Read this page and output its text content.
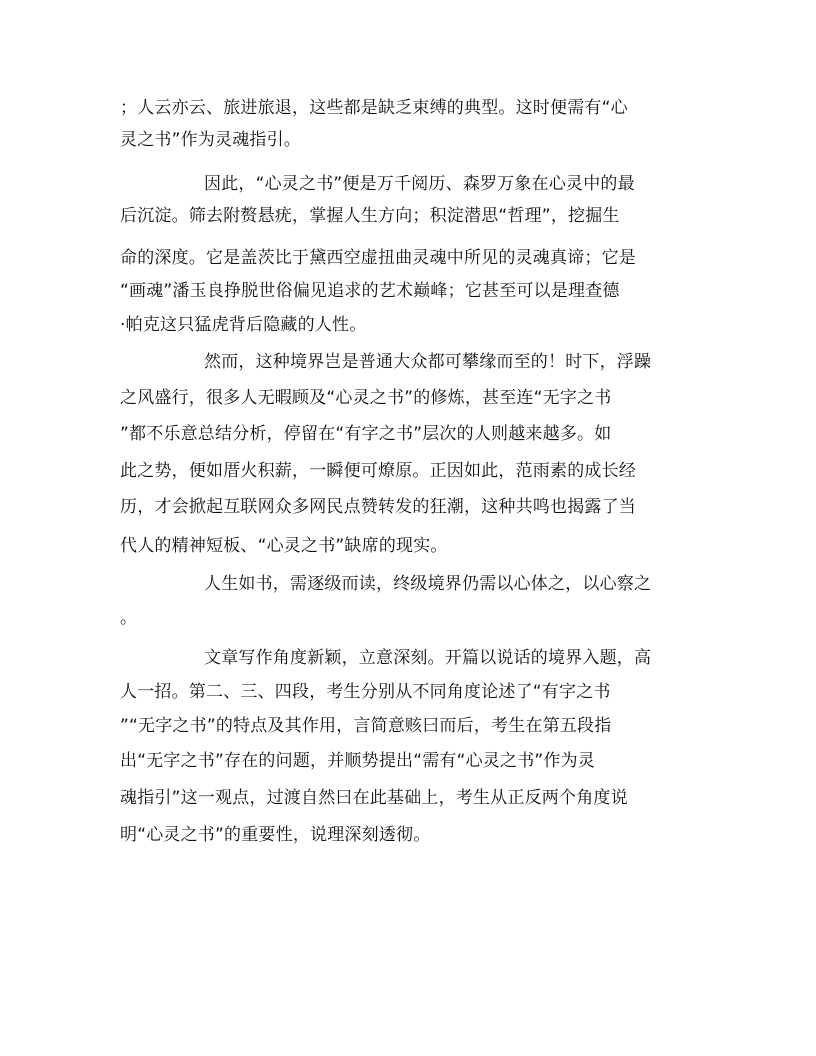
；人云亦云、旅进旅退，这些都是缺乏束缚的典型。这时便需有“心
灵之书”作为灵魂指引。
因此，“心灵之书”便是万千阅历、森罗万象在心灵中的最
后沉淀。筛去附赘悬疣，掌握人生方向；积淀潜思“哲理”，挖掘生
命的深度。它是盖茨比于黛西空虚扭曲灵魂中所见的灵魂真谛；它是
“画魂”潘玉良挣脱世俗偏见追求的艺术巅峰；它甚至可以是理查德
·帕克这只猛虎背后隐藏的人性。
然而，这种境界岂是普通大众都可攀缘而至的！时下，浮躁
之风盛行，很多人无暇顾及“心灵之书”的修炼，甚至连“无字之书
”都不乐意总结分析，停留在“有字之书”层次的人则越来越多。如
此之势，便如厝火积薪，一瞬便可燎原。正因如此，范雨素的成长经
历，才会掀起互联网众多网民点赞转发的狂潮，这种共鸣也揭露了当
代人的精神短板、“心灵之书”缺席的现实。
人生如书，需逐级而读，终级境界仍需以心体之，以心察之
。
文章写作角度新颖，立意深刻。开篇以说话的境界入题，高
人一招。第二、三、四段，考生分别从不同角度论述了“有字之书
”“无字之书”的特点及其作用，言简意赅曰而后，考生在第五段指
出“无字之书”存在的问题，并顺势提出“需有“心灵之书”作为灵
魂指引”这一观点，过渡自然曰在此基础上，考生从正反两个角度说
明“心灵之书”的重要性，说理深刻透彻。
